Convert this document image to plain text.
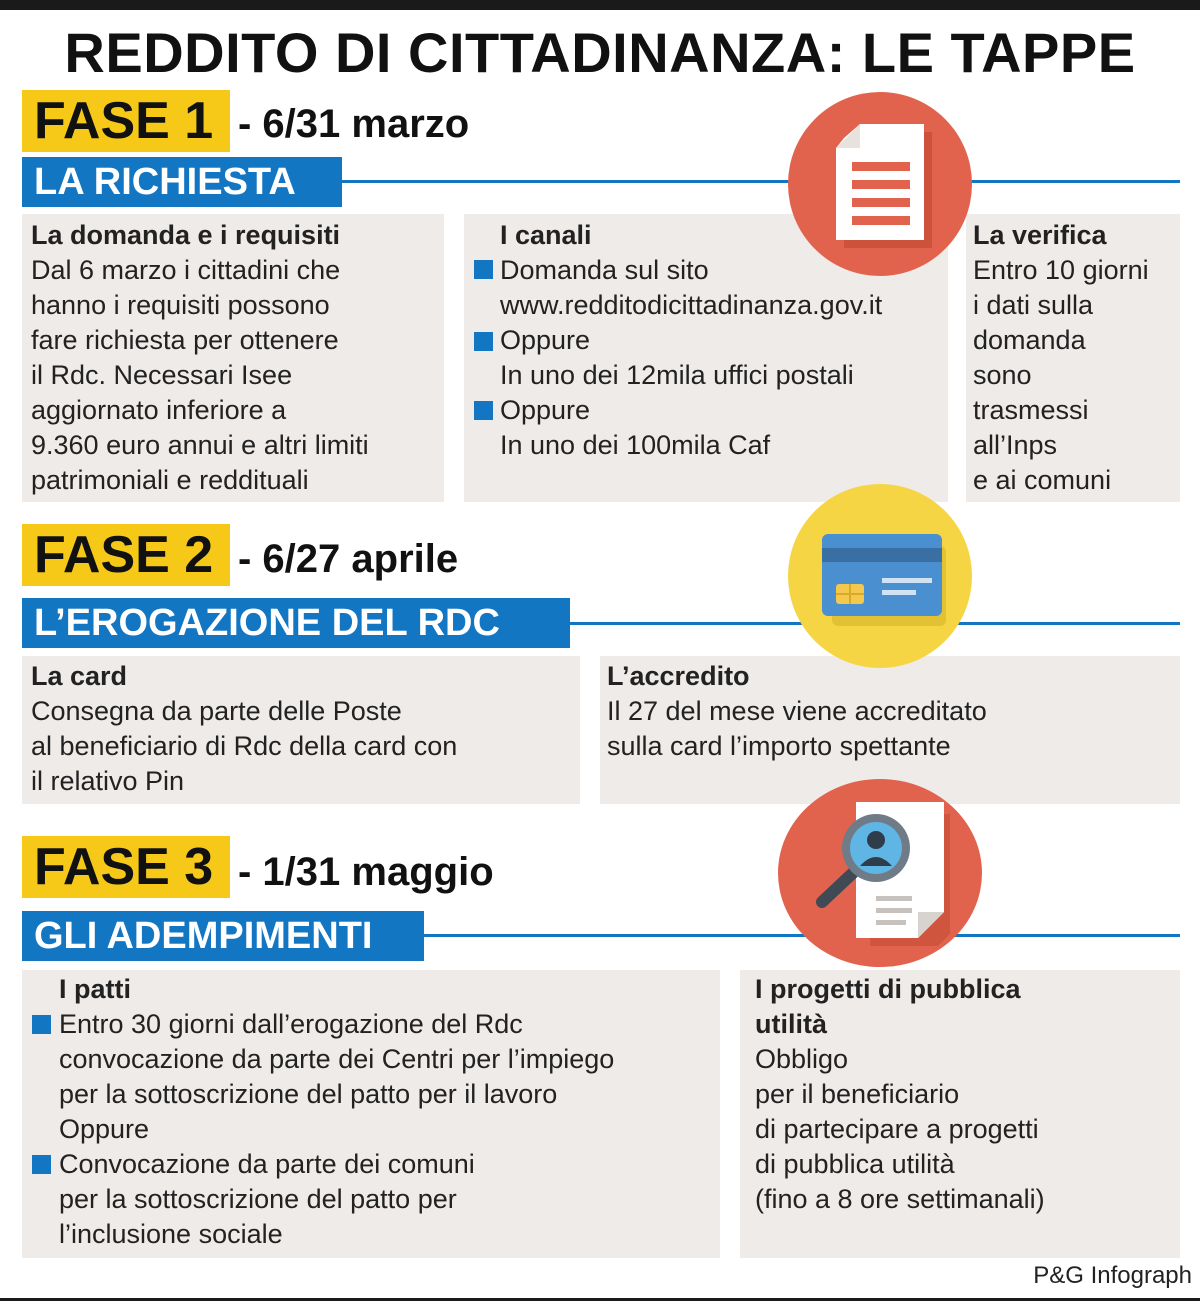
REDDITO DI CITTADINANZA: LE TAPPE
FASE 1 - 6/31 marzo
LA RICHIESTA
La domanda e i requisiti
Dal 6 marzo i cittadini che
hanno i requisiti possono
fare richiesta per ottenere
il Rdc. Necessari Isee
aggiornato inferiore a
9.360 euro annui e altri limiti
patrimoniali e reddituali
I canali
Domanda sul sito
www.redditodicittadinanza.gov.it
Oppure
In uno dei 12mila uffici postali
Oppure
In uno dei 100mila Caf
La verifica
Entro 10 giorni
i dati sulla
domanda
sono
trasmessi
all’Inps
e ai comuni
FASE 2 - 6/27 aprile
L’EROGAZIONE DEL RDC
La card
Consegna da parte delle Poste
al beneficiario di Rdc della card con
il relativo Pin
L’accredito
Il 27 del mese viene accreditato
sulla card l’importo spettante
FASE 3 - 1/31 maggio
GLI ADEMPIMENTI
I patti
Entro 30 giorni dall’erogazione del Rdc
convocazione da parte dei Centri per l’impiego
per la sottoscrizione del patto per il lavoro
Oppure
Convocazione da parte dei comuni
per la sottoscrizione del patto per
l’inclusione sociale
I progetti di pubblica
utilità
Obbligo
per il beneficiario
di partecipare a progetti
di pubblica utilità
(fino a 8 ore settimanali)
P&G Infograph
